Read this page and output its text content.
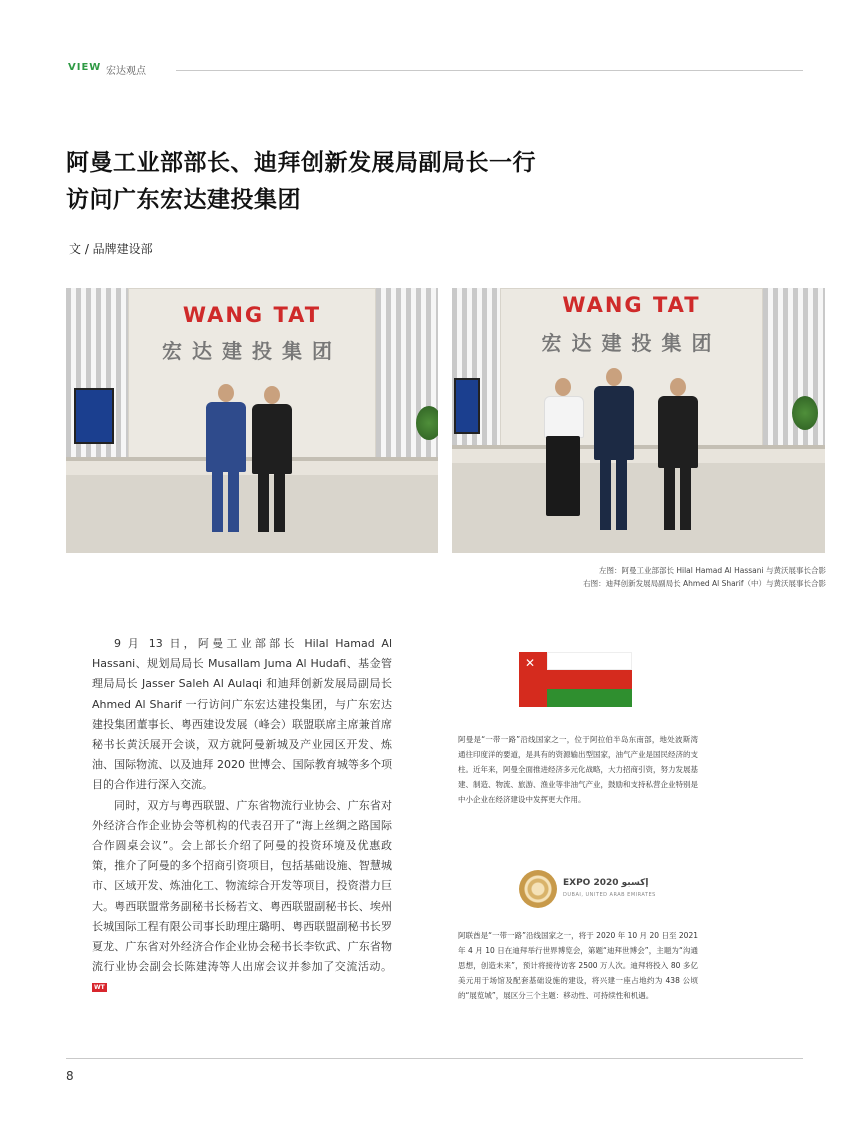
VIEW 宏达观点
阿曼工业部部长、迪拜创新发展局副局长一行
访问广东宏达建投集团
文 / 品牌建设部
WANG TAT
宏达建投集团
WANG TAT
宏达建投集团
左图：阿曼工业部部长 Hilal Hamad Al Hassani 与黄沃展事长合影
右图：迪拜创新发展局副局长 Ahmed Al Sharif（中）与黄沃展事长合影

9 月 13 日，阿曼工业部部长 Hilal Hamad Al Hassani、规划局局长 Musallam Juma Al Hudafi、基金管理局局长 Jasser Saleh Al Aulaqi 和迪拜创新发展局副局长 Ahmed Al Sharif 一行访问广东宏达建投集团，与广东宏达建投集团董事长、粤西建设发展（峰会）联盟联席主席兼首席秘书长黄沃展开会谈，双方就阿曼新城及产业园区开发、炼油、国际物流、以及迪拜 2020 世博会、国际教育城等多个项目的合作进行深入交流。

同时，双方与粤西联盟、广东省物流行业协会、广东省对外经济合作企业协会等机构的代表召开了“海上丝绸之路国际合作圆桌会议”。会上部长介绍了阿曼的投资环境及优惠政策，推介了阿曼的多个招商引资项目，包括基础设施、智慧城市、区域开发、炼油化工、物流综合开发等项目，投资潜力巨大。粤西联盟常务副秘书长杨若文、粤西联盟副秘书长、埃州长城国际工程有限公司事长助理庄璐明、粤西联盟副秘书长罗夏龙、广东省对外经济合作企业协会秘书长李钦武、广东省物流行业协会副会长陈建涛等人出席会议并参加了交流活动。WT

✕
阿曼是“一带一路”沿线国家之一，位于阿拉伯半岛东南部，地处波斯湾通往印度洋的要道，是具有的资源输出型国家，油气产业是国民经济的支柱。近年来，阿曼全面推进经济多元化战略，大力招商引资，努力发展基建、制造、物流、旅游、渔业等非油气产业，鼓励和支持私营企业特别是中小企业在经济建设中发挥更大作用。
EXPO 2020 إكسبو
DUBAI, UNITED ARAB EMIRATES
阿联酋是“一带一路”沿线国家之一，将于 2020 年 10 月 20 日至 2021 年 4 月 10 日在迪拜举行世界博览会，第题“迪拜世博会”，主题为“沟通思想，创造未来”，预计将接待访客 2500 万人次。迪拜将投入 80 多亿美元用于场馆及配套基础设施的建设，将兴建一座占地约为 438 公顷的“展览城”，展区分三个主题：移动性、可持续性和机遇。
8
